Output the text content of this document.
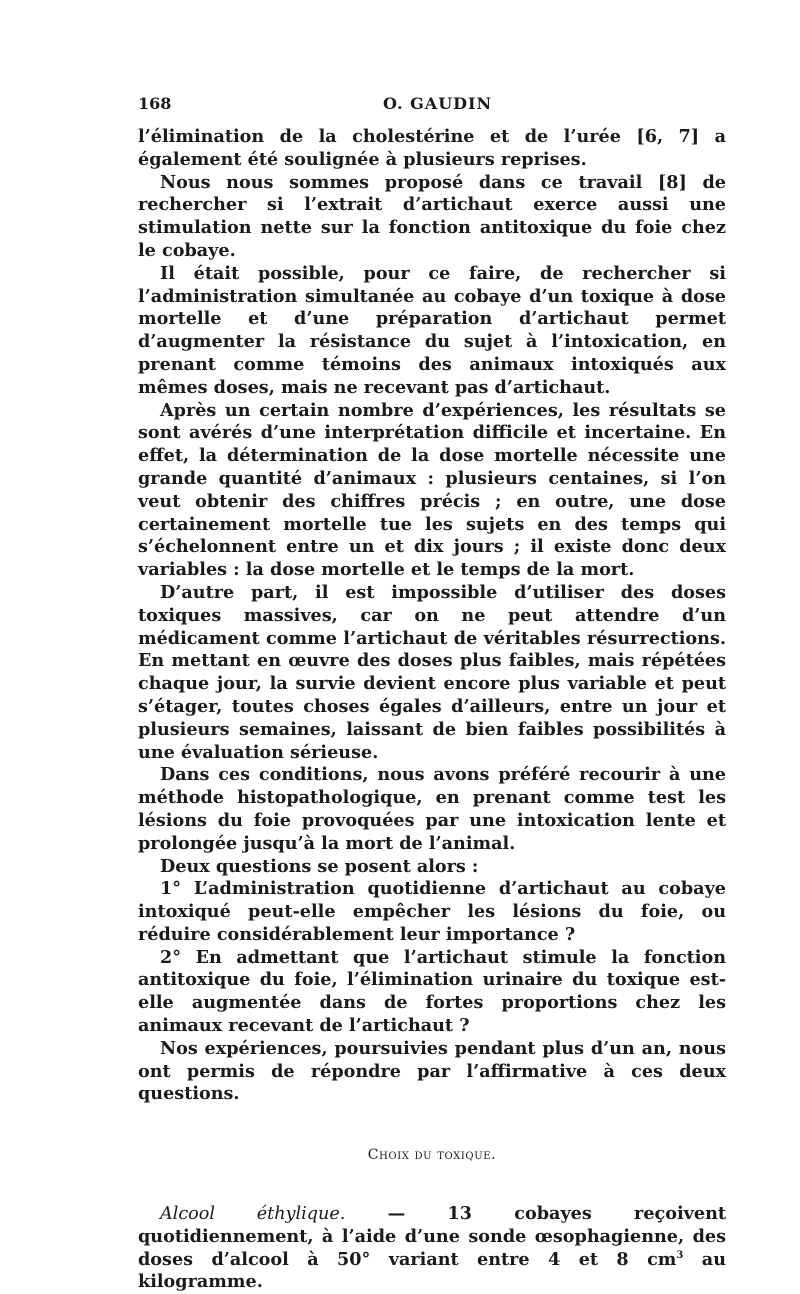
168	O. GAUDIN

l’élimination de la cholestérine et de l’urée [6, 7] a également été soulignée à plusieurs reprises.

Nous nous sommes proposé dans ce travail [8] de rechercher si l’extrait d’artichaut exerce aussi une stimulation nette sur la fonction antitoxique du foie chez le cobaye.

Il était possible, pour ce faire, de rechercher si l’administration simultanée au cobaye d’un toxique à dose mortelle et d’une préparation d’artichaut permet d’augmenter la résistance du sujet à l’intoxication, en prenant comme témoins des animaux intoxiqués aux mêmes doses, mais ne recevant pas d’artichaut.

Après un certain nombre d’expériences, les résultats se sont avérés d’une interprétation difficile et incertaine. En effet, la détermination de la dose mortelle nécessite une grande quantité d’animaux : plusieurs centaines, si l’on veut obtenir des chiffres précis ; en outre, une dose certainement mortelle tue les sujets en des temps qui s’échelonnent entre un et dix jours ; il existe donc deux variables : la dose mortelle et le temps de la mort.

D’autre part, il est impossible d’utiliser des doses toxiques massives, car on ne peut attendre d’un médicament comme l’artichaut de véritables résurrections. En mettant en œuvre des doses plus faibles, mais répétées chaque jour, la survie devient encore plus variable et peut s’étager, toutes choses égales d’ailleurs, entre un jour et plusieurs semaines, laissant de bien faibles possibilités à une évaluation sérieuse.

Dans ces conditions, nous avons préféré recourir à une méthode histopathologique, en prenant comme test les lésions du foie provoquées par une intoxication lente et prolongée jusqu’à la mort de l’animal.

Deux questions se posent alors :

1° L’administration quotidienne d’artichaut au cobaye intoxiqué peut-elle empêcher les lésions du foie, ou réduire considérablement leur importance ?

2° En admettant que l’artichaut stimule la fonction antitoxique du foie, l’élimination urinaire du toxique est-elle augmentée dans de fortes proportions chez les animaux recevant de l’artichaut ?

Nos expériences, poursuivies pendant plus d’un an, nous ont permis de répondre par l’affirmative à ces deux questions.

Choix du toxique.

Alcool éthylique. — 13 cobayes reçoivent quotidiennement, à l’aide d’une sonde œsophagienne, des doses d’alcool à 50° variant entre 4 et 8 $cm^3$ au kilogramme.
